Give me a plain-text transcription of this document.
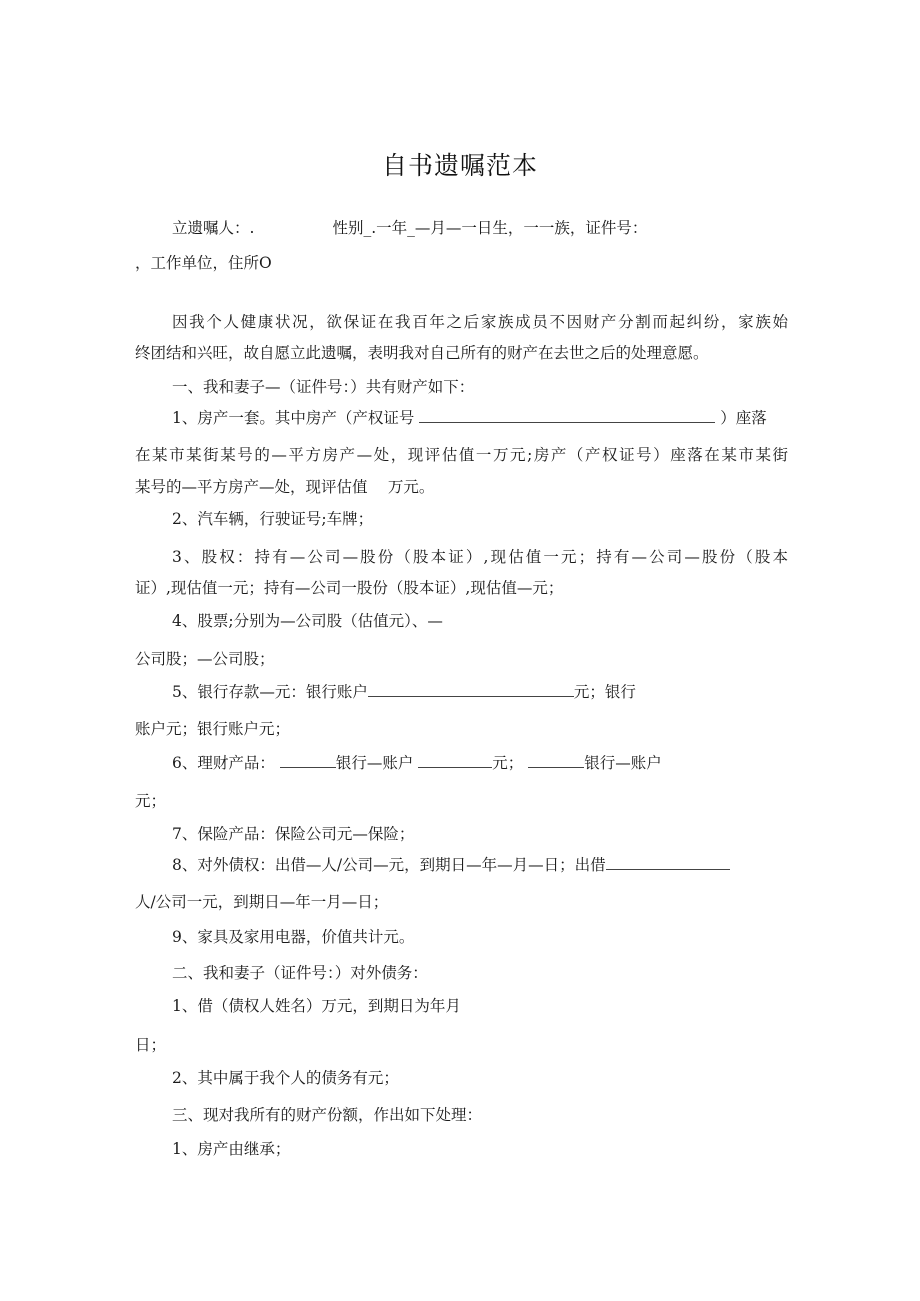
自书遗嘱范本
立遗嘱人：.	性别_.一年_—月—一日生，一一族，证件号：
，工作单位，住所O
因我个人健康状况，欲保证在我百年之后家族成员不因财产分割而起纠纷，家族始
终团结和兴旺，故自愿立此遗嘱，表明我对自己所有的财产在去世之后的处理意愿。
一、我和妻子—（证件号：）共有财产如下：
1、房产一套。其中房产（产权证号	）座落
在某市某街某号的—平方房产—处，现评估值一万元;房产（产权证号）座落在某市某街
某号的—平方房产—处，现评估值　 万元。
2、汽车辆，行驶证号;车牌；
3、股权：持有—公司—股份（股本证）,现估值一元；持有—公司—股份（股本
证）,现估值一元；持有—公司一股份（股本证）,现估值—元；
4、股票;分别为—公司股（估值元）、—
公司股；—公司股；
5、银行存款—元：银行账户	元；银行
账户元；银行账户元；
6、理财产品：	银行—账户	元；	银行—账户
元；
7、保险产品：保险公司元—保险；
8、对外债权：出借—人/公司—元，到期日—年—月—日；出借
人/公司一元，到期日—年一月—日；
9、家具及家用电器，价值共计元。
二、我和妻子（证件号：）对外债务：
1、借（债权人姓名）万元，到期日为年月
日；
2、其中属于我个人的债务有元；
三、现对我所有的财产份额，作出如下处理：
1、房产由继承；
